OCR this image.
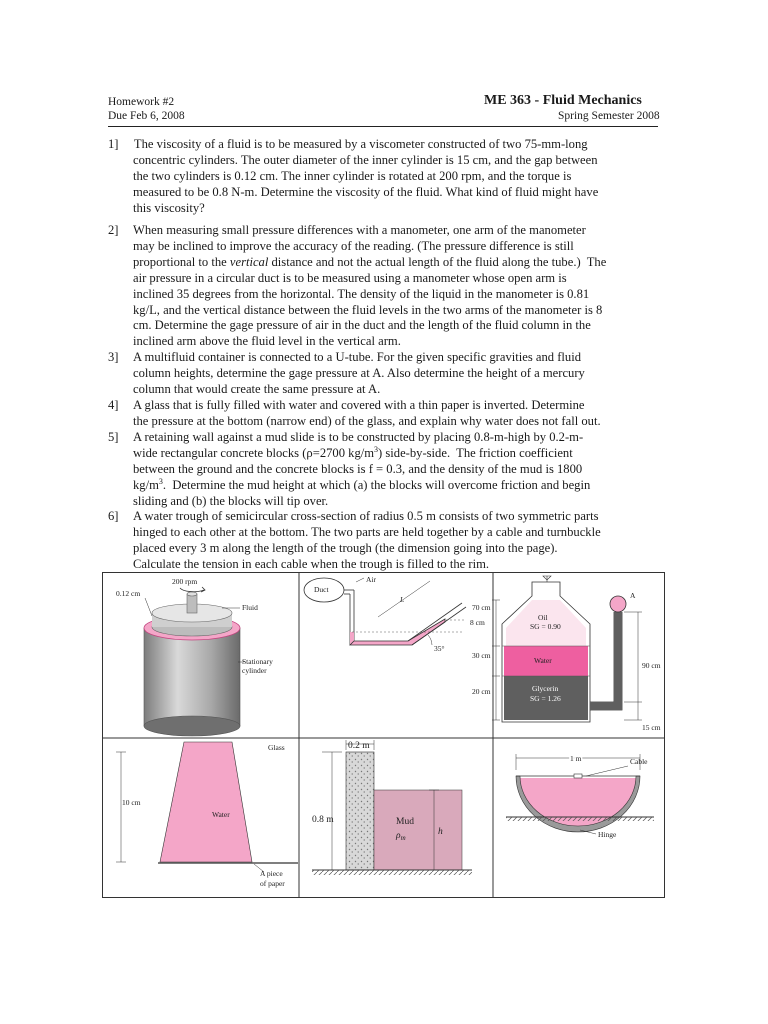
Homework #2
Due Feb 6, 2008
ME 363 - Fluid Mechanics
Spring Semester 2008
1] The viscosity of a fluid is to be measured by a viscometer constructed of two 75-mm-long
concentric cylinders. The outer diameter of the inner cylinder is 15 cm, and the gap between
the two cylinders is 0.12 cm. The inner cylinder is rotated at 200 rpm, and the torque is
measured to be 0.8 N-m. Determine the viscosity of the fluid. What kind of fluid might have
this viscosity?
2] When measuring small pressure differences with a manometer, one arm of the manometer
may be inclined to improve the accuracy of the reading. (The pressure difference is still
proportional to the vertical distance and not the actual length of the fluid along the tube.)  The
air pressure in a circular duct is to be measured using a manometer whose open arm is
inclined 35 degrees from the horizontal. The density of the liquid in the manometer is 0.81
kg/L, and the vertical distance between the fluid levels in the two arms of the manometer is 8
cm. Determine the gage pressure of air in the duct and the length of the fluid column in the
inclined arm above the fluid level in the vertical arm.
3] A multifluid container is connected to a U-tube. For the given specific gravities and fluid
column heights, determine the gage pressure at A. Also determine the height of a mercury
column that would create the same pressure at A.
4] A glass that is fully filled with water and covered with a thin paper is inverted. Determine
the pressure at the bottom (narrow end) of the glass, and explain why water does not fall out.
5] A retaining wall against a mud slide is to be constructed by placing 0.8-m-high by 0.2-m-
wide rectangular concrete blocks (ρ=2700 $kg/m^3$) side-by-side.  The friction coefficient
between the ground and the concrete blocks is f = 0.3, and the density of the mud is 1800
$kg/m^3$.  Determine the mud height at which (a) the blocks will overcome friction and begin
sliding and (b) the blocks will tip over.
6] A water trough of semicircular cross-section of radius 0.5 m consists of two symmetric parts
hinged to each other at the bottom. The two parts are held together by a cable and turnbuckle
placed every 3 m along the length of the trough (the dimension going into the page).
Calculate the tension in each cable when the trough is filled to the rim.
200 rpm
0.12 cm
Fluid
Stationary
cylinder
Duct
Air
L
8 cm
35°
A
70 cm
30 cm
20 cm
90 cm
15 cm
Oil
SG = 0.90
Water
Glycerin
SG = 1.26
Glass
10 cm
Water
A piece
of paper
0.2 m
0.8 m	Mud
$\rho_m$
h
1 m	Cable
Hinge
